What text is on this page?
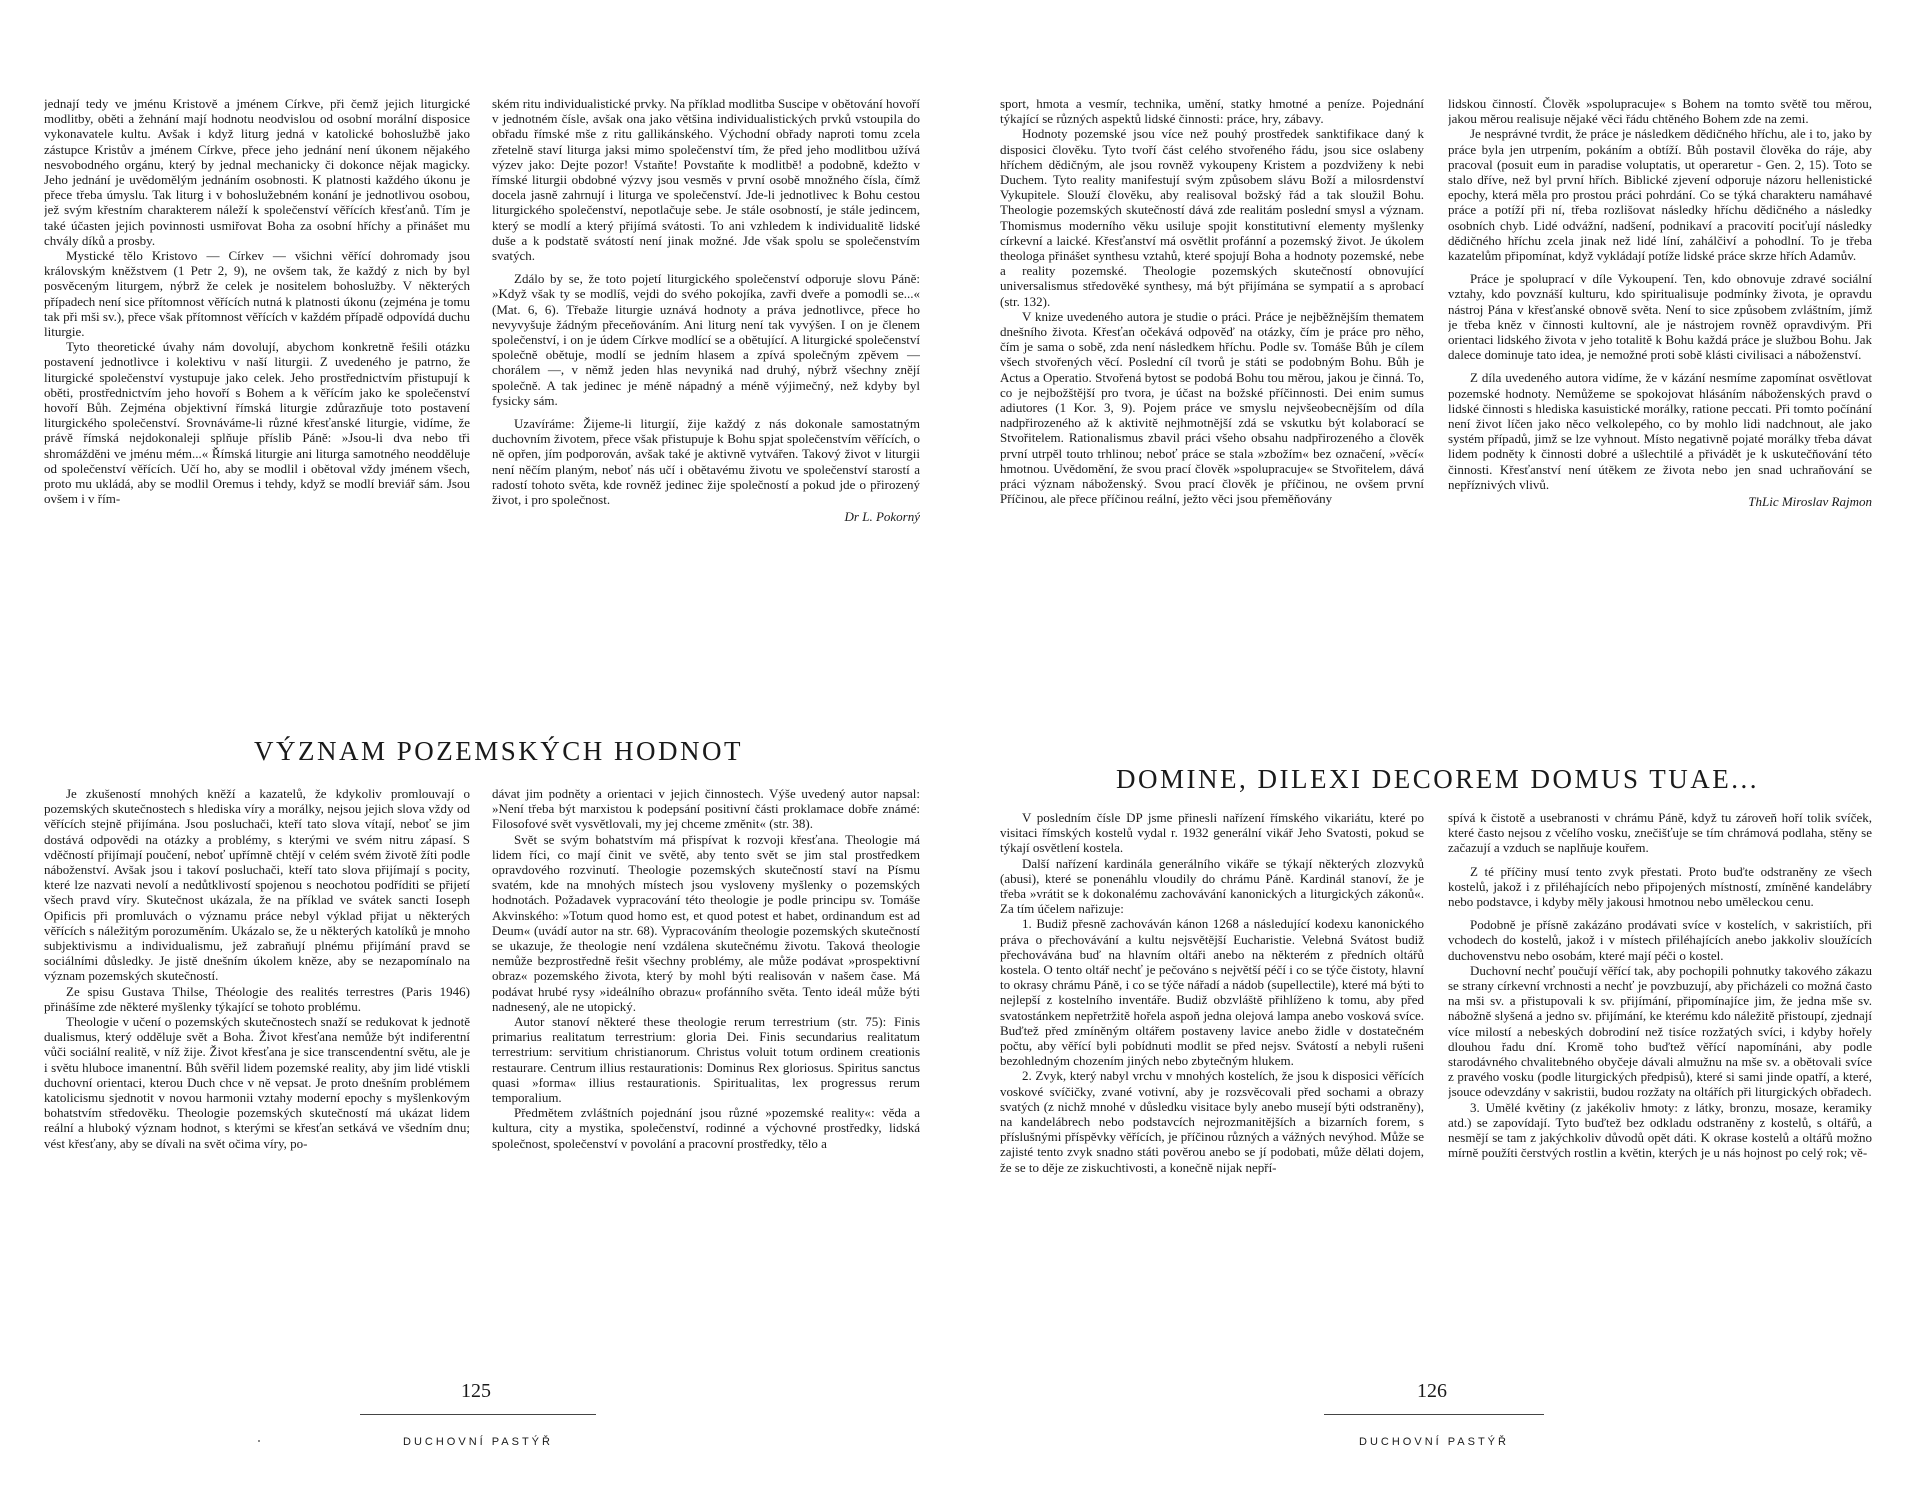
jednají tedy ve jménu Kristově a jménem Církve, při čemž jejich liturgické modlitby, oběti a žehnání mají hodnotu neodvislou od osobní morální disposice vykonavatele kultu. Avšak i když liturg jedná v katolické bohoslužbě jako zástupce Kristův a jménem Církve, přece jeho jednání není úkonem nějakého nesvobodného orgánu, který by jednal mechanicky či dokonce nějak magicky. Jeho jednání je uvědomělým jednáním osobnosti. K platnosti každého úkonu je přece třeba úmyslu. Tak liturg i v bohoslužebném konání je jednotlivou osobou, jež svým křestním charakterem náleží k společenství věřících křesťanů. Tím je také účasten jejich povinnosti usmiřovat Boha za osobní hříchy a přinášet mu chvály díků a prosby.

Mystické tělo Kristovo — Církev — všichni věřící dohromady jsou královským kněžstvem (1 Petr 2, 9), ne ovšem tak, že každý z nich by byl posvěceným liturgem, nýbrž že celek je nositelem bohoslužby. V některých případech není sice přítomnost věřících nutná k platnosti úkonu (zejména je tomu tak při mši sv.), přece však přítomnost věřících v každém případě odpovídá duchu liturgie.

Tyto theoretické úvahy nám dovolují, abychom konkretně řešili otázku postavení jednotlivce i kolektivu v naší liturgii. Z uvedeného je patrno, že liturgické společenství vystupuje jako celek. Jeho prostřednictvím přistupují k oběti, prostřednictvím jeho hovoří s Bohem a k věřícím jako ke společenství hovoří Bůh. Zejména objektivní římská liturgie zdůrazňuje toto postavení liturgického společenství. Srovnáváme-li různé křesťanské liturgie, vidíme, že právě římská nejdokonaleji splňuje příslib Páně: »Jsou-li dva nebo tři shromážděni ve jménu mém...« Římská liturgie ani liturga samotného neodděluje od společenství věřících. Učí ho, aby se modlil i obětoval vždy jménem všech, proto mu ukládá, aby se modlil Oremus i tehdy, když se modlí breviář sám. Jsou ovšem i v řím-

ském ritu individualistické prvky. Na příklad modlitba Suscipe v obětování hovoří v jednotném čísle, avšak ona jako většina individualistických prvků vstoupila do obřadu římské mše z ritu gallikánského. Východní obřady naproti tomu zcela zřetelně staví liturga jaksi mimo společenství tím, že před jeho modlitbou užívá výzev jako: Dejte pozor! Vstaňte! Povstaňte k modlitbě! a podobně, kdežto v římské liturgii obdobné výzvy jsou vesměs v první osobě množného čísla, čímž docela jasně zahrnují i liturga ve společenství. Jde-li jednotlivec k Bohu cestou liturgického společenství, nepotlačuje sebe. Je stále osobností, je stále jedincem, který se modlí a který přijímá svátosti. To ani vzhledem k individualitě lidské duše a k podstatě svátostí není jinak možné. Jde však spolu se společenstvím svatých.

Zdálo by se, že toto pojetí liturgického společenství odporuje slovu Páně: »Když však ty se modlíš, vejdi do svého pokojíka, zavři dveře a pomodli se...« (Mat. 6, 6). Třebaže liturgie uznává hodnoty a práva jednotlivce, přece ho nevyvyšuje žádným přeceňováním. Ani liturg není tak vyvýšen. I on je členem společenství, i on je údem Církve modlící se a obětující. A liturgické společenství společně obětuje, modlí se jedním hlasem a zpívá společným zpěvem — chorálem —, v němž jeden hlas nevyniká nad druhý, nýbrž všechny znějí společně. A tak jedinec je méně nápadný a méně výjimečný, než kdyby byl fysicky sám.

Uzavíráme: Žijeme-li liturgií, žije každý z nás dokonale samostatným duchovním životem, přece však přistupuje k Bohu spjat společenstvím věřících, o ně opřen, jím podporován, avšak také je aktivně vytvářen. Takový život v liturgii není něčím planým, neboť nás učí i obětavému životu ve společenství starostí a radostí tohoto světa, kde rovněž jedinec žije společností a pokud jde o přirozený život, i pro společnost.

Dr L. Pokorný
VÝZNAM POZEMSKÝCH HODNOT

Je zkušeností mnohých kněží a kazatelů, že kdykoliv promlouvají o pozemských skutečnostech s hlediska víry a morálky, nejsou jejich slova vždy od věřících stejně přijímána. Jsou posluchači, kteří tato slova vítají, neboť se jim dostává odpovědi na otázky a problémy, s kterými ve svém nitru zápasí. S vděčností přijímají poučení, neboť upřímně chtějí v celém svém životě žíti podle náboženství. Avšak jsou i takoví posluchači, kteří tato slova přijímají s pocity, které lze nazvati nevolí a nedůtklivostí spojenou s neochotou podříditi se přijetí všech pravd víry. Skutečnost ukázala, že na příklad ve svátek sancti Ioseph Opificis při promluvách o významu práce nebyl výklad přijat u některých věřících s náležitým porozuměním. Ukázalo se, že u některých katolíků je mnoho subjektivismu a individualismu, jež zabraňují plnému přijímání pravd se sociálními důsledky. Je jistě dnešním úkolem kněze, aby se nezapomínalo na význam pozemských skutečností.

Ze spisu Gustava Thilse, Théologie des realités terrestres (Paris 1946) přinášíme zde některé myšlenky týkající se tohoto problému.

Theologie v učení o pozemských skutečnostech snaží se redukovat k jednotě dualismus, který odděluje svět a Boha. Život křesťana nemůže být indiferentní vůči sociální realitě, v níž žije. Život křesťana je sice transcendentní světu, ale je i světu hluboce imanentní. Bůh svěřil lidem pozemské reality, aby jim lidé vtiskli duchovní orientaci, kterou Duch chce v ně vepsat. Je proto dnešním problémem katolicismu sjednotit v novou harmonii vztahy moderní epochy s myšlenkovým bohatstvím středověku. Theologie pozemských skutečností má ukázat lidem reální a hluboký význam hodnot, s kterými se křesťan setkává ve všedním dnu; vést křesťany, aby se dívali na svět očima víry, po-

dávat jim podněty a orientaci v jejich činnostech. Výše uvedený autor napsal: »Není třeba být marxistou k podepsání positivní části proklamace dobře známé: Filosofové svět vysvětlovali, my jej chceme změnit« (str. 38).

Svět se svým bohatstvím má přispívat k rozvoji křesťana. Theologie má lidem říci, co mají činit ve světě, aby tento svět se jim stal prostředkem opravdového rozvinutí. Theologie pozemských skutečností staví na Písmu svatém, kde na mnohých místech jsou vysloveny myšlenky o pozemských hodnotách. Požadavek vypracování této theologie je podle principu sv. Tomáše Akvinského: »Totum quod homo est, et quod potest et habet, ordinandum est ad Deum« (uvádí autor na str. 68). Vypracováním theologie pozemských skutečností se ukazuje, že theologie není vzdálena skutečnému životu. Taková theologie nemůže bezprostředně řešit všechny problémy, ale může podávat »prospektivní obraz« pozemského života, který by mohl býti realisován v našem čase. Má podávat hrubé rysy »ideálního obrazu« profánního světa. Tento ideál může býti nadnesený, ale ne utopický.

Autor stanoví některé these theologie rerum terrestrium (str. 75): Finis primarius realitatum terrestrium: gloria Dei. Finis secundarius realitatum terrestrium: servitium christianorum. Christus voluit totum ordinem creationis restaurare. Centrum illius restaurationis: Dominus Rex gloriosus. Spiritus sanctus quasi »forma« illius restaurationis. Spiritualitas, lex progressus rerum temporalium.

Předmětem zvláštních pojednání jsou různé »pozemské reality«: věda a kultura, city a mystika, společenství, rodinné a výchovné prostředky, lidská společnost, společenství v povolání a pracovní prostředky, tělo a

125
DUCHOVNÍ PASTÝŘ

sport, hmota a vesmír, technika, umění, statky hmotné a peníze. Pojednání týkající se různých aspektů lidské činnosti: práce, hry, zábavy.

Hodnoty pozemské jsou více než pouhý prostředek sanktifikace daný k disposici člověku. Tyto tvoří část celého stvořeného řádu, jsou sice oslabeny hříchem dědičným, ale jsou rovněž vykoupeny Kristem a pozdviženy k nebi Duchem. Tyto reality manifestují svým způsobem slávu Boží a milosrdenství Vykupitele. Slouží člověku, aby realisoval božský řád a tak sloužil Bohu. Theologie pozemských skutečností dává zde realitám poslední smysl a význam. Thomismus moderního věku usiluje spojit konstitutivní elementy myšlenky církevní a laické. Křesťanství má osvětlit profánní a pozemský život. Je úkolem theologa přinášet synthesu vztahů, které spojují Boha a hodnoty pozemské, nebe a reality pozemské. Theologie pozemských skutečností obnovující universalismus středověké synthesy, má být přijímána se sympatií a s aprobací (str. 132).

V knize uvedeného autora je studie o práci. Práce je nejběžnějším thematem dnešního života. Křesťan očekává odpověď na otázky, čím je práce pro něho, čím je sama o sobě, zda není následkem hříchu. Podle sv. Tomáše Bůh je cílem všech stvořených věcí. Poslední cíl tvorů je státi se podobným Bohu. Bůh je Actus a Operatio. Stvořená bytost se podobá Bohu tou měrou, jakou je činná. To, co je nejbožštější pro tvora, je účast na božské příčinnosti. Dei enim sumus adiutores (1 Kor. 3, 9). Pojem práce ve smyslu nejvšeobecnějším od díla nadpřirozeného až k aktivitě nejhmotnější zdá se vskutku být kolaborací se Stvořitelem. Rationalismus zbavil práci všeho obsahu nadpřirozeného a člověk první utrpěl touto trhlinou; neboť práce se stala »zbožím« bez označení, »věcí« hmotnou. Uvědomění, že svou prací člověk »spolupracuje« se Stvořitelem, dává práci význam náboženský. Svou prací člověk je příčinou, ne ovšem první Příčinou, ale přece příčinou reální, ježto věci jsou přeměňovány

lidskou činností. Člověk »spolupracuje« s Bohem na tomto světě tou měrou, jakou měrou realisuje nějaké věci řádu chtěného Bohem zde na zemi.

Je nesprávné tvrdit, že práce je následkem dědičného hříchu, ale i to, jako by práce byla jen utrpením, pokáním a obtíží. Bůh postavil člověka do ráje, aby pracoval (posuit eum in paradise voluptatis, ut operaretur - Gen. 2, 15). Toto se stalo dříve, než byl první hřích. Biblické zjevení odporuje názoru hellenistické epochy, která měla pro prostou práci pohrdání. Co se týká charakteru namáhavé práce a potíží při ní, třeba rozlišovat následky hříchu dědičného a následky osobních chyb. Lidé odvážní, nadšení, podnikaví a pracovití pociťují následky dědičného hříchu zcela jinak než lidé líní, zahálčiví a pohodlní. To je třeba kazatelům připomínat, když vykládají potíže lidské práce skrze hřích Adamův.

Práce je spoluprací v díle Vykoupení. Ten, kdo obnovuje zdravé sociální vztahy, kdo povznáší kulturu, kdo spiritualisuje podmínky života, je opravdu nástroj Pána v křesťanské obnově světa. Není to sice způsobem zvláštním, jímž je třeba kněz v činnosti kultovní, ale je nástrojem rovněž opravdivým. Při orientaci lidského života v jeho totalitě k Bohu každá práce je službou Bohu. Jak dalece dominuje tato idea, je nemožné proti sobě klásti civilisaci a náboženství.

Z díla uvedeného autora vidíme, že v kázání nesmíme zapomínat osvětlovat pozemské hodnoty. Nemůžeme se spokojovat hlásáním náboženských pravd o lidské činnosti s hlediska kasuistické morálky, ratione peccati. Při tomto počínání není život líčen jako něco velkolepého, co by mohlo lidi nadchnout, ale jako systém případů, jimž se lze vyhnout. Místo negativně pojaté morálky třeba dávat lidem podněty k činnosti dobré a ušlechtilé a přivádět je k uskutečňování této činnosti. Křesťanství není útěkem ze života nebo jen snad uchraňování se nepříznivých vlivů.

ThLic Miroslav Rajmon
DOMINE, DILEXI DECOREM DOMUS TUAE...

V posledním čísle DP jsme přinesli nařízení římského vikariátu, které po visitaci římských kostelů vydal r. 1932 generální vikář Jeho Svatosti, pokud se týkají osvětlení kostela.

Další nařízení kardinála generálního vikáře se týkají některých zlozvyků (abusi), které se ponenáhlu vloudily do chrámu Páně. Kardinál stanoví, že je třeba »vrátit se k dokonalému zachovávání kanonických a liturgických zákonů«. Za tím účelem nařizuje:

1. Budiž přesně zachováván kánon 1268 a následující kodexu kanonického práva o přechovávání a kultu nejsvětější Eucharistie. Velebná Svátost budiž přechovávána buď na hlavním oltáři anebo na některém z předních oltářů kostela. O tento oltář nechť je pečováno s největší péčí i co se týče čistoty, hlavní to okrasy chrámu Páně, i co se týče nářadí a nádob (supellectile), které má býti to nejlepší z kostelního inventáře. Budiž obzvláště přihlíženo k tomu, aby před svatostánkem nepřetržitě hořela aspoň jedna olejová lampa anebo vosková svíce. Buďtež před zmíněným oltářem postaveny lavice anebo židle v dostatečném počtu, aby věřící byli pobídnuti modlit se před nejsv. Svátostí a nebyli rušeni bezohledným chozením jiných nebo zbytečným hlukem.

2. Zvyk, který nabyl vrchu v mnohých kostelích, že jsou k disposici věřících voskové svíčičky, zvané votivní, aby je rozsvěcovali před sochami a obrazy svatých (z nichž mnohé v důsledku visitace byly anebo musejí býti odstraněny), na kandelábrech nebo podstavcích nejrozmanitějších a bizarních forem, s příslušnými příspěvky věřících, je příčinou různých a vážných nevýhod. Může se zajisté tento zvyk snadno státi pověrou anebo se jí podobati, může dělati dojem, že se to děje ze ziskuchtivosti, a konečně nijak nepří-

spívá k čistotě a usebranosti v chrámu Páně, když tu zároveň hoří tolik svíček, které často nejsou z včelího vosku, znečišťuje se tím chrámová podlaha, stěny se začazují a vzduch se naplňuje kouřem.

Z té příčiny musí tento zvyk přestati. Proto buďte odstraněny ze všech kostelů, jakož i z přiléhajících nebo připojených místností, zmíněné kandelábry nebo podstavce, i kdyby měly jakousi hmotnou nebo uměleckou cenu.

Podobně je přísně zakázáno prodávati svíce v kostelích, v sakristiích, při vchodech do kostelů, jakož i v místech přiléhajících anebo jakkoliv sloužících duchovenstvu nebo osobám, které mají péči o kostel.

Duchovní nechť poučují věřící tak, aby pochopili pohnutky takového zákazu se strany církevní vrchnosti a nechť je povzbuzují, aby přicházeli co možná často na mši sv. a přistupovali k sv. přijímání, připomínajíce jim, že jedna mše sv. nábožně slyšená a jedno sv. přijímání, ke kterému kdo náležitě přistoupí, zjednají více milostí a nebeských dobrodiní než tisíce rozžatých svíci, i kdyby hořely dlouhou řadu dní. Kromě toho buďtež věřící napomínáni, aby podle starodávného chvalitebného obyčeje dávali almužnu na mše sv. a obětovali svíce z pravého vosku (podle liturgických předpisů), které si sami jinde opatří, a které, jsouce odevzdány v sakristii, budou rozžaty na oltářích při liturgických obřadech.

3. Umělé květiny (z jakékoliv hmoty: z látky, bronzu, mosaze, keramiky atd.) se zapovídají. Tyto buďtež bez odkladu odstraněny z kostelů, s oltářů, a nesmějí se tam z jakýchkoliv důvodů opět dáti. K okrase kostelů a oltářů možno mírně použíti čerstvých rostlin a květin, kterých je u nás hojnost po celý rok; vě-

126
DUCHOVNÍ PASTÝŘ
